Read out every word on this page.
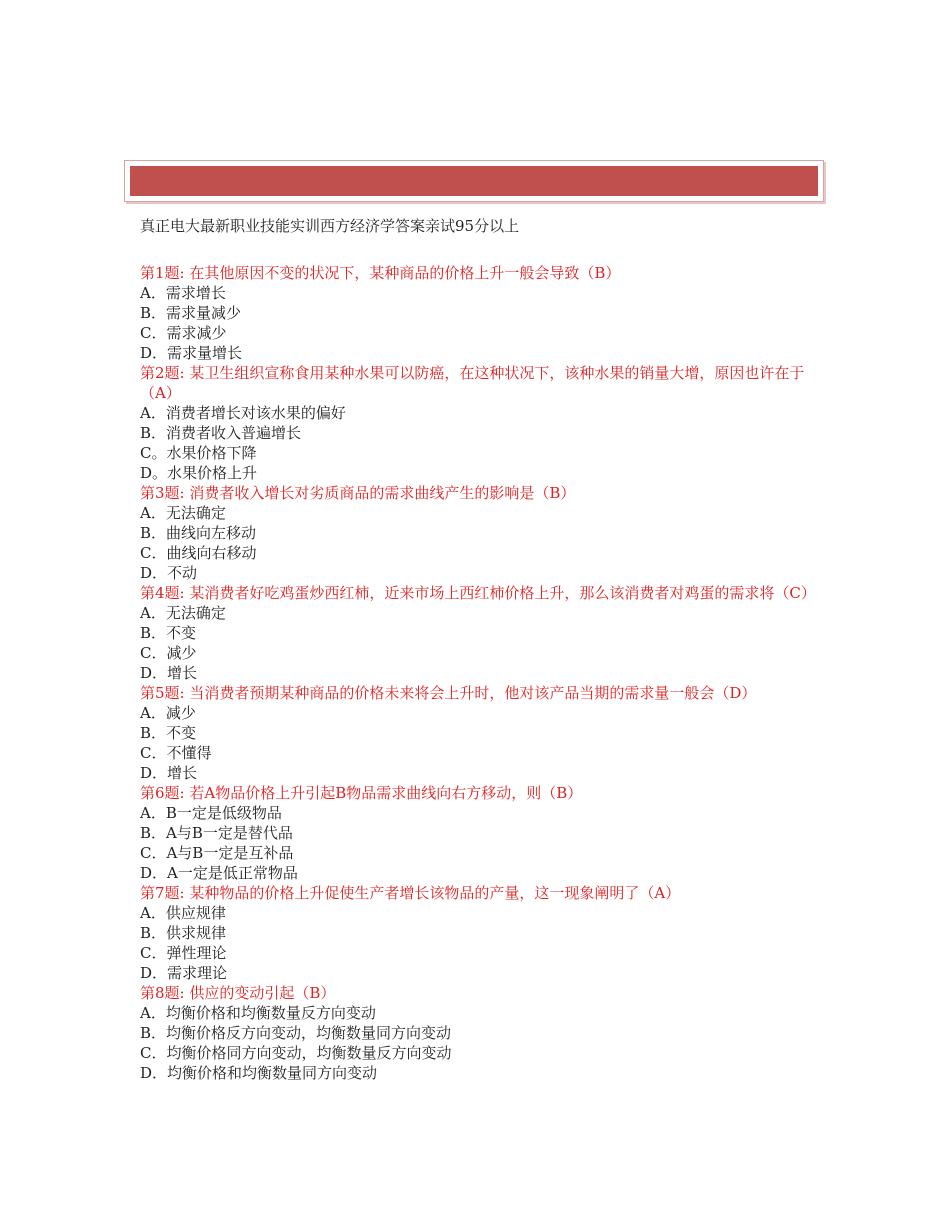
真正电大最新职业技能实训西方经济学答案亲试95分以上

第1题: 在其他原因不变的状况下，某种商品的价格上升一般会导致（B）

A．需求增长

B．需求量减少

C．需求减少

D．需求量增长

第2题: 某卫生组织宣称食用某种水果可以防癌，在这种状况下，该种水果的销量大增，原因也许在于（A）

A．消费者增长对该水果的偏好

B．消费者收入普遍增长

C。水果价格下降

D。水果价格上升

第3题: 消费者收入增长对劣质商品的需求曲线产生的影响是（B）

A．无法确定

B．曲线向左移动

C．曲线向右移动

D．不动

第4题: 某消费者好吃鸡蛋炒西红柿，近来市场上西红柿价格上升，那么该消费者对鸡蛋的需求将（C）

A．无法确定

B．不变

C．减少

D．增长

第5题: 当消费者预期某种商品的价格未来将会上升时，他对该产品当期的需求量一般会（D）

A．减少

B．不变

C．不懂得

D．增长

第6题: 若A物品价格上升引起B物品需求曲线向右方移动，则（B）

A．B一定是低级物品

B．A与B一定是替代品

C．A与B一定是互补品

D．A一定是低正常物品

第7题: 某种物品的价格上升促使生产者增长该物品的产量，这一现象阐明了（A）

A．供应规律

B．供求规律

C．弹性理论

D．需求理论

第8题: 供应的变动引起（B）

A．均衡价格和均衡数量反方向变动

B．均衡价格反方向变动，均衡数量同方向变动

C．均衡价格同方向变动，均衡数量反方向变动

D．均衡价格和均衡数量同方向变动
